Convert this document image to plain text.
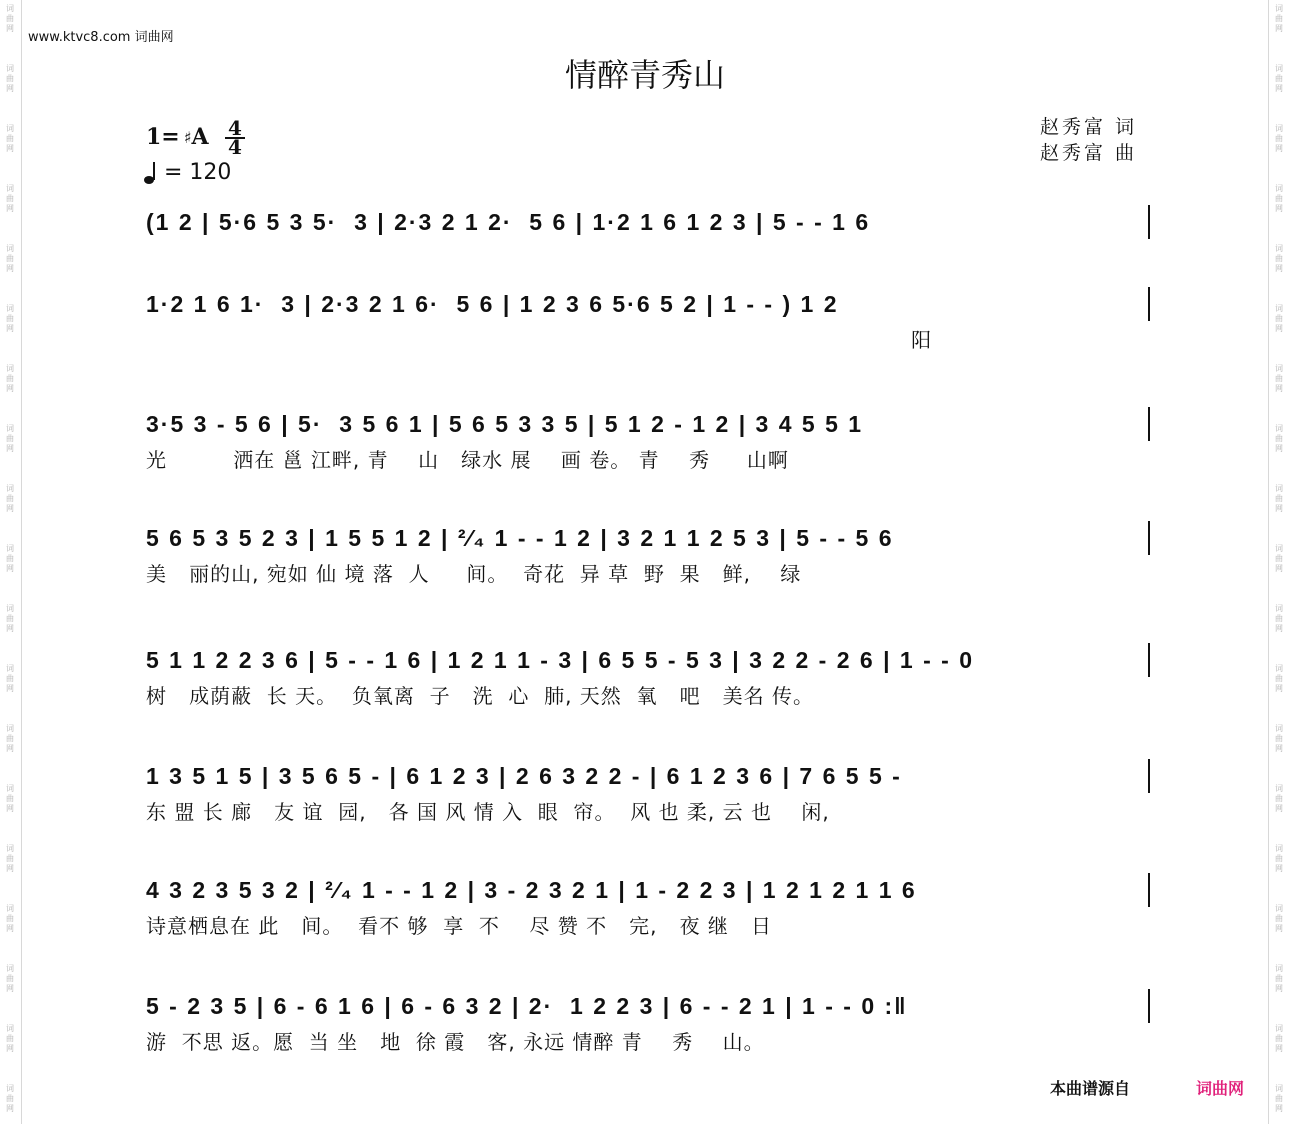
词曲网
词曲网
词曲网
词曲网
词曲网
词曲网
词曲网
词曲网
词曲网
词曲网
词曲网
词曲网
词曲网
词曲网
词曲网
词曲网
词曲网
词曲网
词曲网
词曲网
词曲网
词曲网
词曲网
词曲网
词曲网
词曲网
词曲网
词曲网
词曲网
词曲网
词曲网
词曲网
词曲网
词曲网
词曲网
词曲网
词曲网
词曲网
www.ktvc8.com 词曲网
情醉青秀山
1= ♯ A 4
4
= 120
赵秀富 词
赵秀富 曲
(1 2 | 5·6 5 3 5·  3 | 2·3 2 1 2·  5 6 | 1·2 1 6 1 2 3 | 5 - - 1 6
1·2 1 6 1·  3 | 2·3 2 1 6·  5 6 | 1 2 3 6 5·6 5 2 | 1 - - ) 1 2
阳
3·5 3 - 5 6 | 5·  3 5 6 1 | 5 6 5 3 3 5 | 5 1 2 - 1 2 | 3 4 5 5 1
光         洒在 邕 江畔, 青    山   绿水 展    画 卷。 青    秀     山啊
5 6 5 3 5 2 3 | 1 5 5 1 2 | ²⁄₄ 1 - - 1 2 | 3 2 1 1 2 5 3 | 5 - - 5 6
美   丽的山, 宛如 仙 境 落  人     间。  奇花  异 草  野  果   鲜,    绿
5 1 1 2 2 3 6 | 5 - - 1 6 | 1 2 1 1 - 3 | 6 5 5 - 5 3 | 3 2 2 - 2 6 | 1 - - 0
树   成荫蔽  长 天。  负氧离  子   洗  心  肺, 天然  氧   吧   美名 传。
1 3 5 1 5 | 3 5 6 5 - | 6 1 2 3 | 2 6 3 2 2 - | 6 1 2 3 6 | 7 6 5 5 -
东 盟 长 廊   友 谊  园,   各 国 风 情 入  眼  帘。  风 也 柔, 云 也    闲,
4 3 2 3 5 3 2 | ²⁄₄ 1 - - 1 2 | 3 - 2 3 2 1 | 1 - 2 2 3 | 1 2 1 2 1 1 6
诗意栖息在 此   间。  看不 够  享  不    尽 赞 不   完,   夜 继   日
5 - 2 3 5 | 6 - 6 1 6 | 6 - 6 3 2 | 2·  1 2 2 3 | 6 - - 2 1 | 1 - - 0 :‖
游  不思 返。愿  当 坐   地  徐 霞   客, 永远 情醉 青    秀    山。
本曲谱源自	词曲网
